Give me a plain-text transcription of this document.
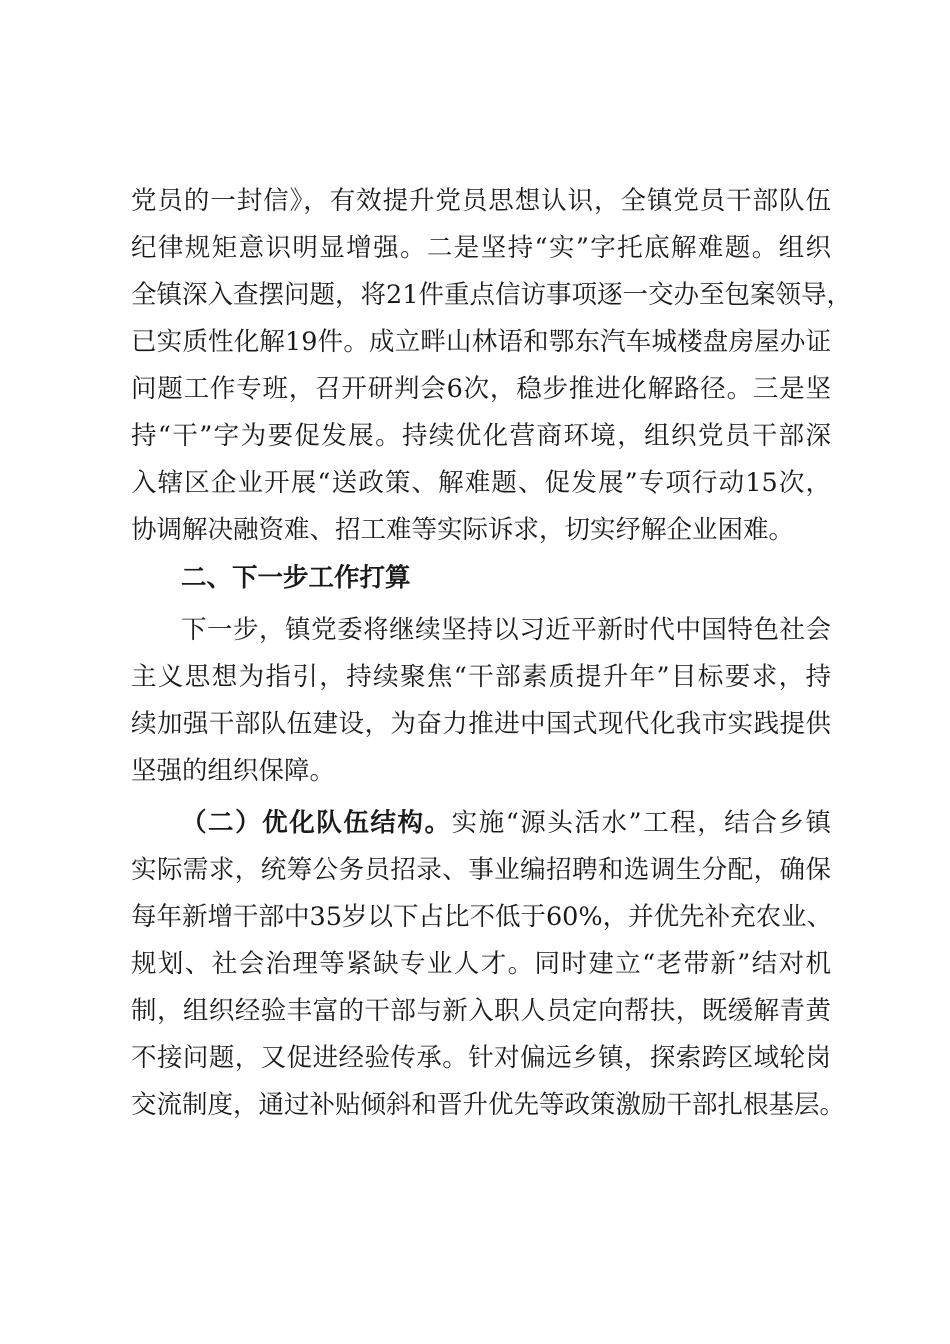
党员的一封信》，有效提升党员思想认识，全镇党员干部队伍
纪律规矩意识明显增强。二是坚持“实”字托底解难题。组织
全镇深入查摆问题，将21件重点信访事项逐一交办至包案领导，
已实质性化解19件。成立畔山林语和鄂东汽车城楼盘房屋办证
问题工作专班，召开研判会6次，稳步推进化解路径。三是坚
持“干”字为要促发展。持续优化营商环境，组织党员干部深
入辖区企业开展“送政策、解难题、促发展”专项行动15次，
协调解决融资难、招工难等实际诉求，切实纾解企业困难。
二、下一步工作打算
下一步，镇党委将继续坚持以习近平新时代中国特色社会
主义思想为指引，持续聚焦“干部素质提升年”目标要求，持
续加强干部队伍建设，为奋力推进中国式现代化我市实践提供
坚强的组织保障。
（二）优化队伍结构。实施“源头活水”工程，结合乡镇
实际需求，统筹公务员招录、事业编招聘和选调生分配，确保
每年新增干部中35岁以下占比不低于60%，并优先补充农业、
规划、社会治理等紧缺专业人才。同时建立“老带新”结对机
制，组织经验丰富的干部与新入职人员定向帮扶，既缓解青黄
不接问题，又促进经验传承。针对偏远乡镇，探索跨区域轮岗
交流制度，通过补贴倾斜和晋升优先等政策激励干部扎根基层。
